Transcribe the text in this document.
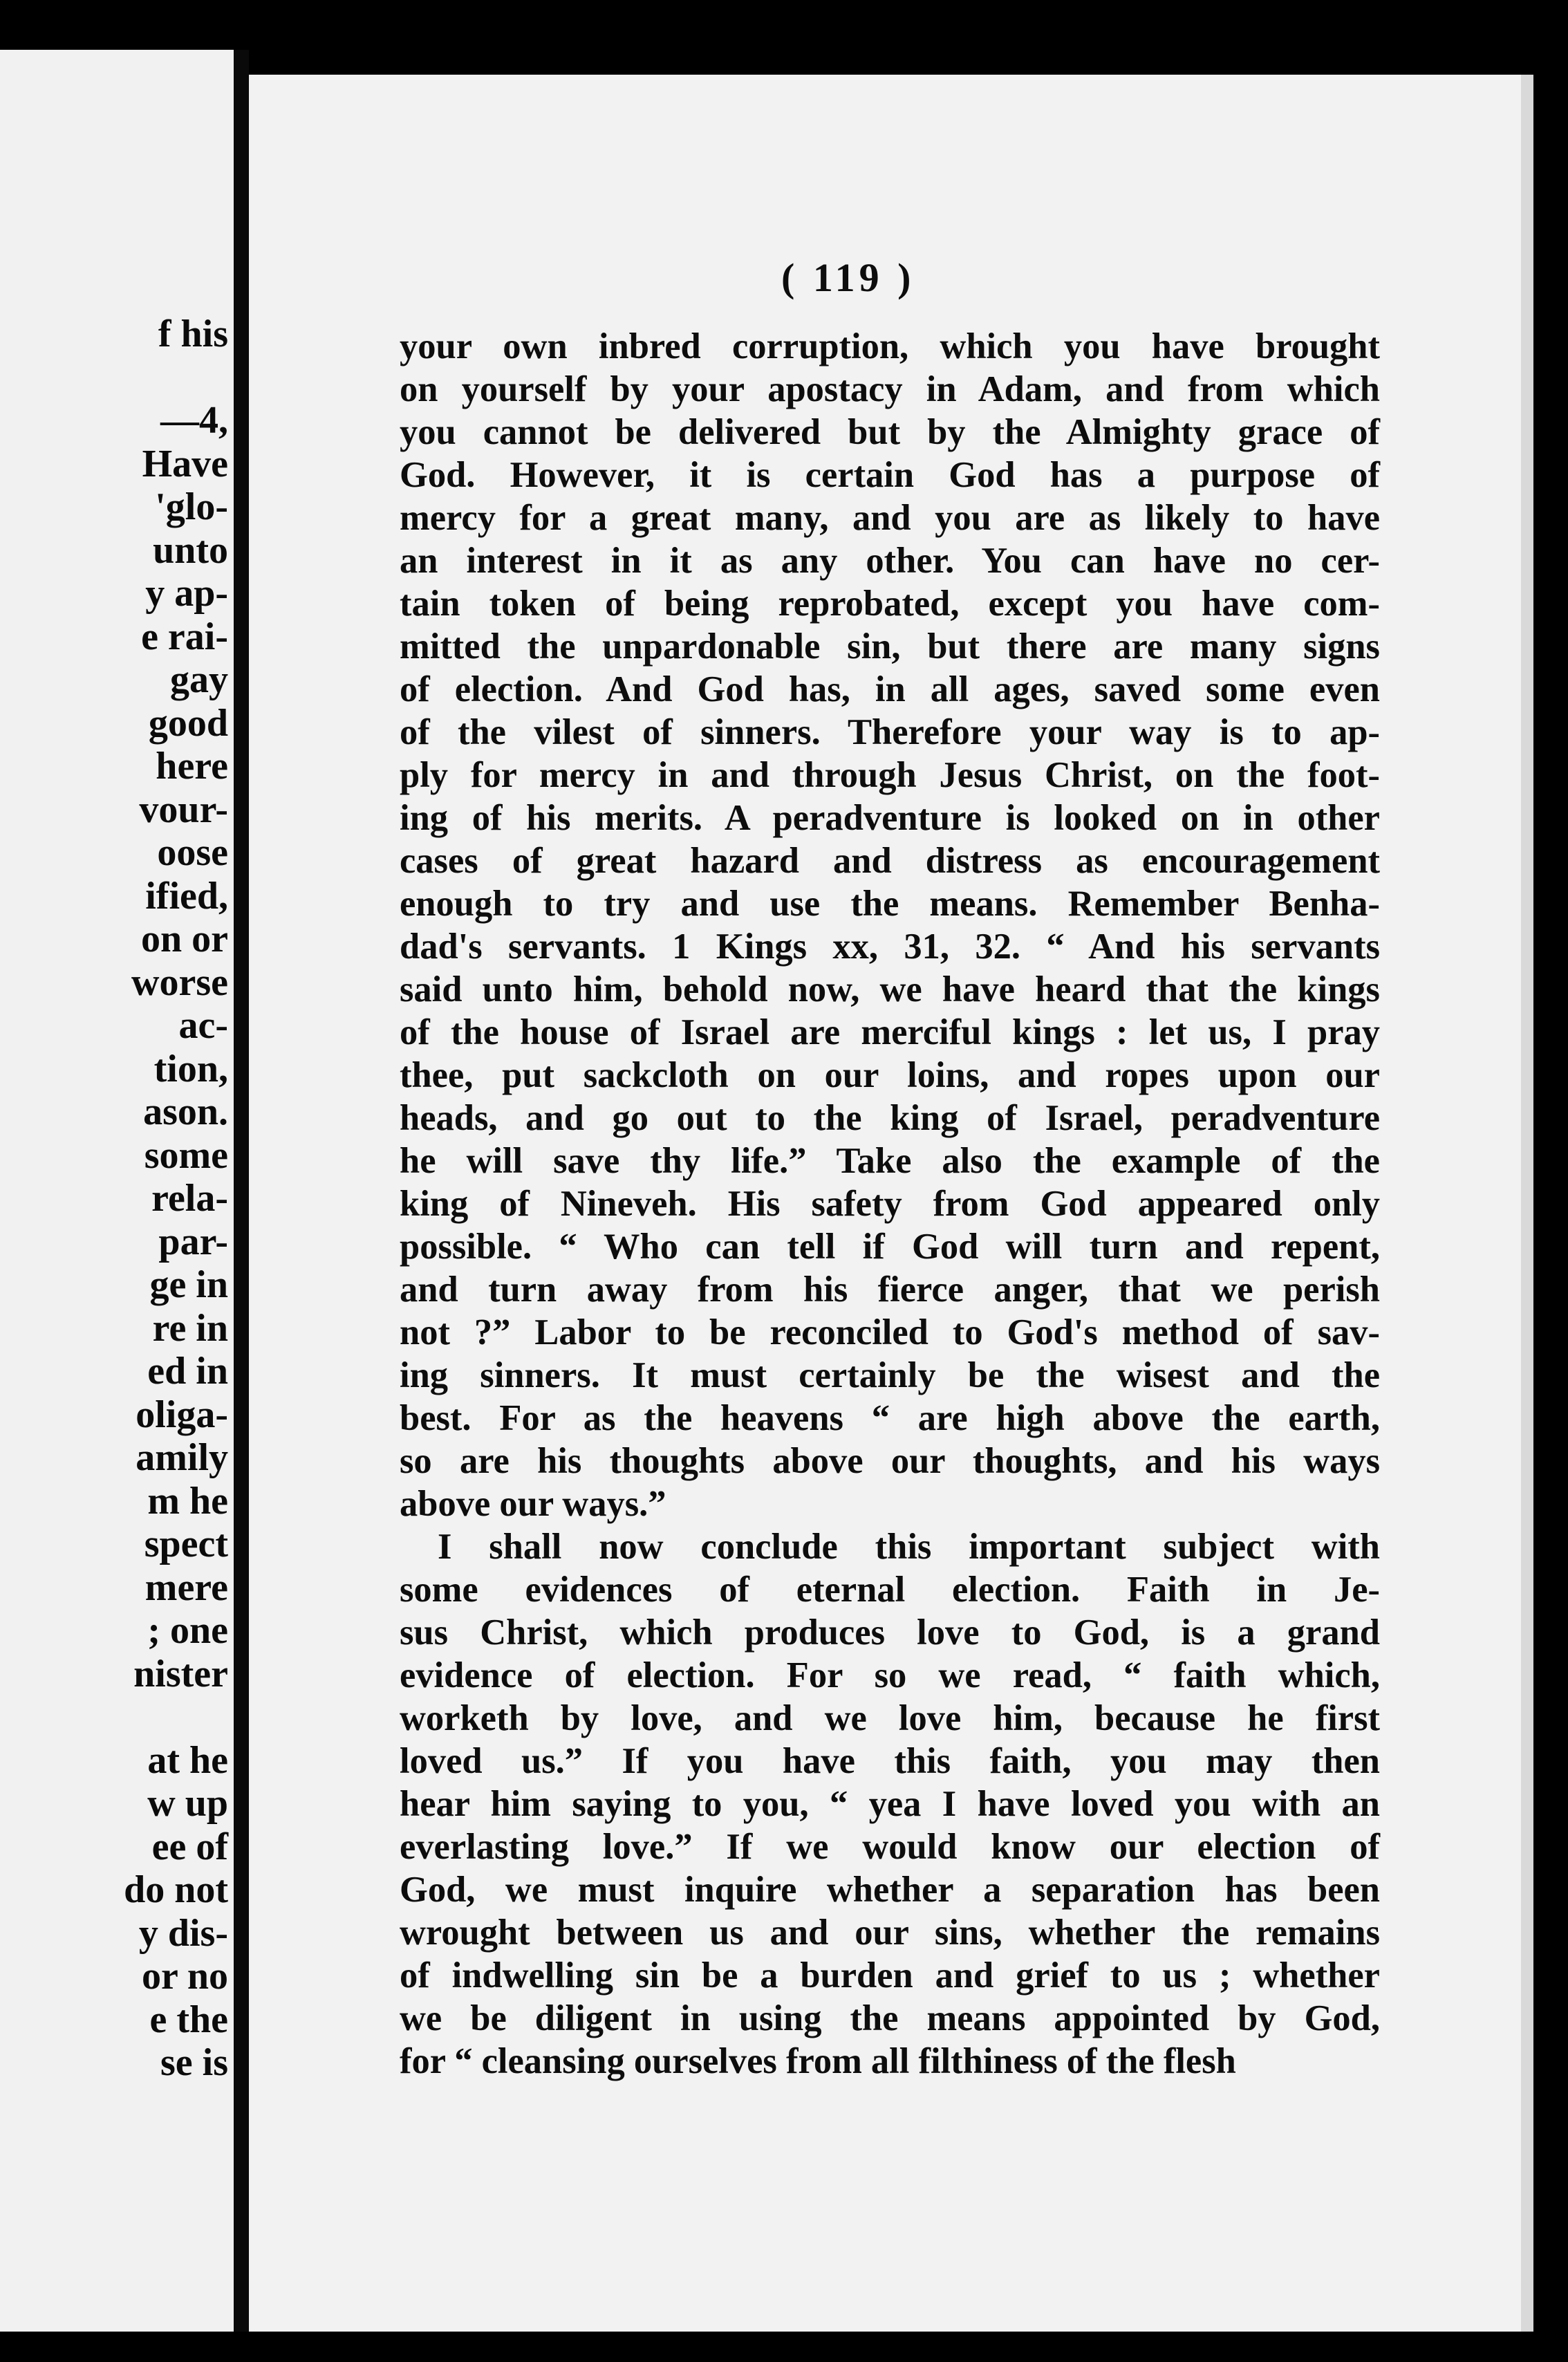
f his
—4,
Have
'glo-
unto
y ap-
e rai-
gay
good
here
vour-
oose
ified,
on or
worse
ac-
tion,
ason.
some
rela-
par-
ge in
re in
ed in
oliga-
amily
m he
spect
mere
; one
nister
at he
w up
ee of
do not
y dis-
or no
e the
se is
( 119 )
your own inbred corruption, which you have brought
on yourself by your apostacy in Adam, and from which
you cannot be delivered but by the Almighty grace of
God. However, it is certain God has a purpose of
mercy for a great many, and you are as likely to have
an interest in it as any other. You can have no cer-
tain token of being reprobated, except you have com-
mitted the unpardonable sin, but there are many signs
of election. And God has, in all ages, saved some even
of the vilest of sinners. Therefore your way is to ap-
ply for mercy in and through Jesus Christ, on the foot-
ing of his merits. A peradventure is looked on in other
cases of great hazard and distress as encouragement
enough to try and use the means. Remember Benha-
dad's servants. 1 Kings xx, 31, 32. “ And his servants
said unto him, behold now, we have heard that the kings
of the house of Israel are merciful kings : let us, I pray
thee, put sackcloth on our loins, and ropes upon our
heads, and go out to the king of Israel, peradventure
he will save thy life.” Take also the example of the
king of Nineveh. His safety from God appeared only
possible. “ Who can tell if God will turn and repent,
and turn away from his fierce anger, that we perish
not ?” Labor to be reconciled to God's method of sav-
ing sinners. It must certainly be the wisest and the
best. For as the heavens “ are high above the earth,
so are his thoughts above our thoughts, and his ways
above our ways.”
I shall now conclude this important subject with
some evidences of eternal election. Faith in Je-
sus Christ, which produces love to God, is a grand
evidence of election. For so we read, “ faith which,
worketh by love, and we love him, because he first
loved us.” If you have this faith, you may then
hear him saying to you, “ yea I have loved you with an
everlasting love.” If we would know our election of
God, we must inquire whether a separation has been
wrought between us and our sins, whether the remains
of indwelling sin be a burden and grief to us ; whether
we be diligent in using the means appointed by God,
for “ cleansing ourselves from all filthiness of the flesh
